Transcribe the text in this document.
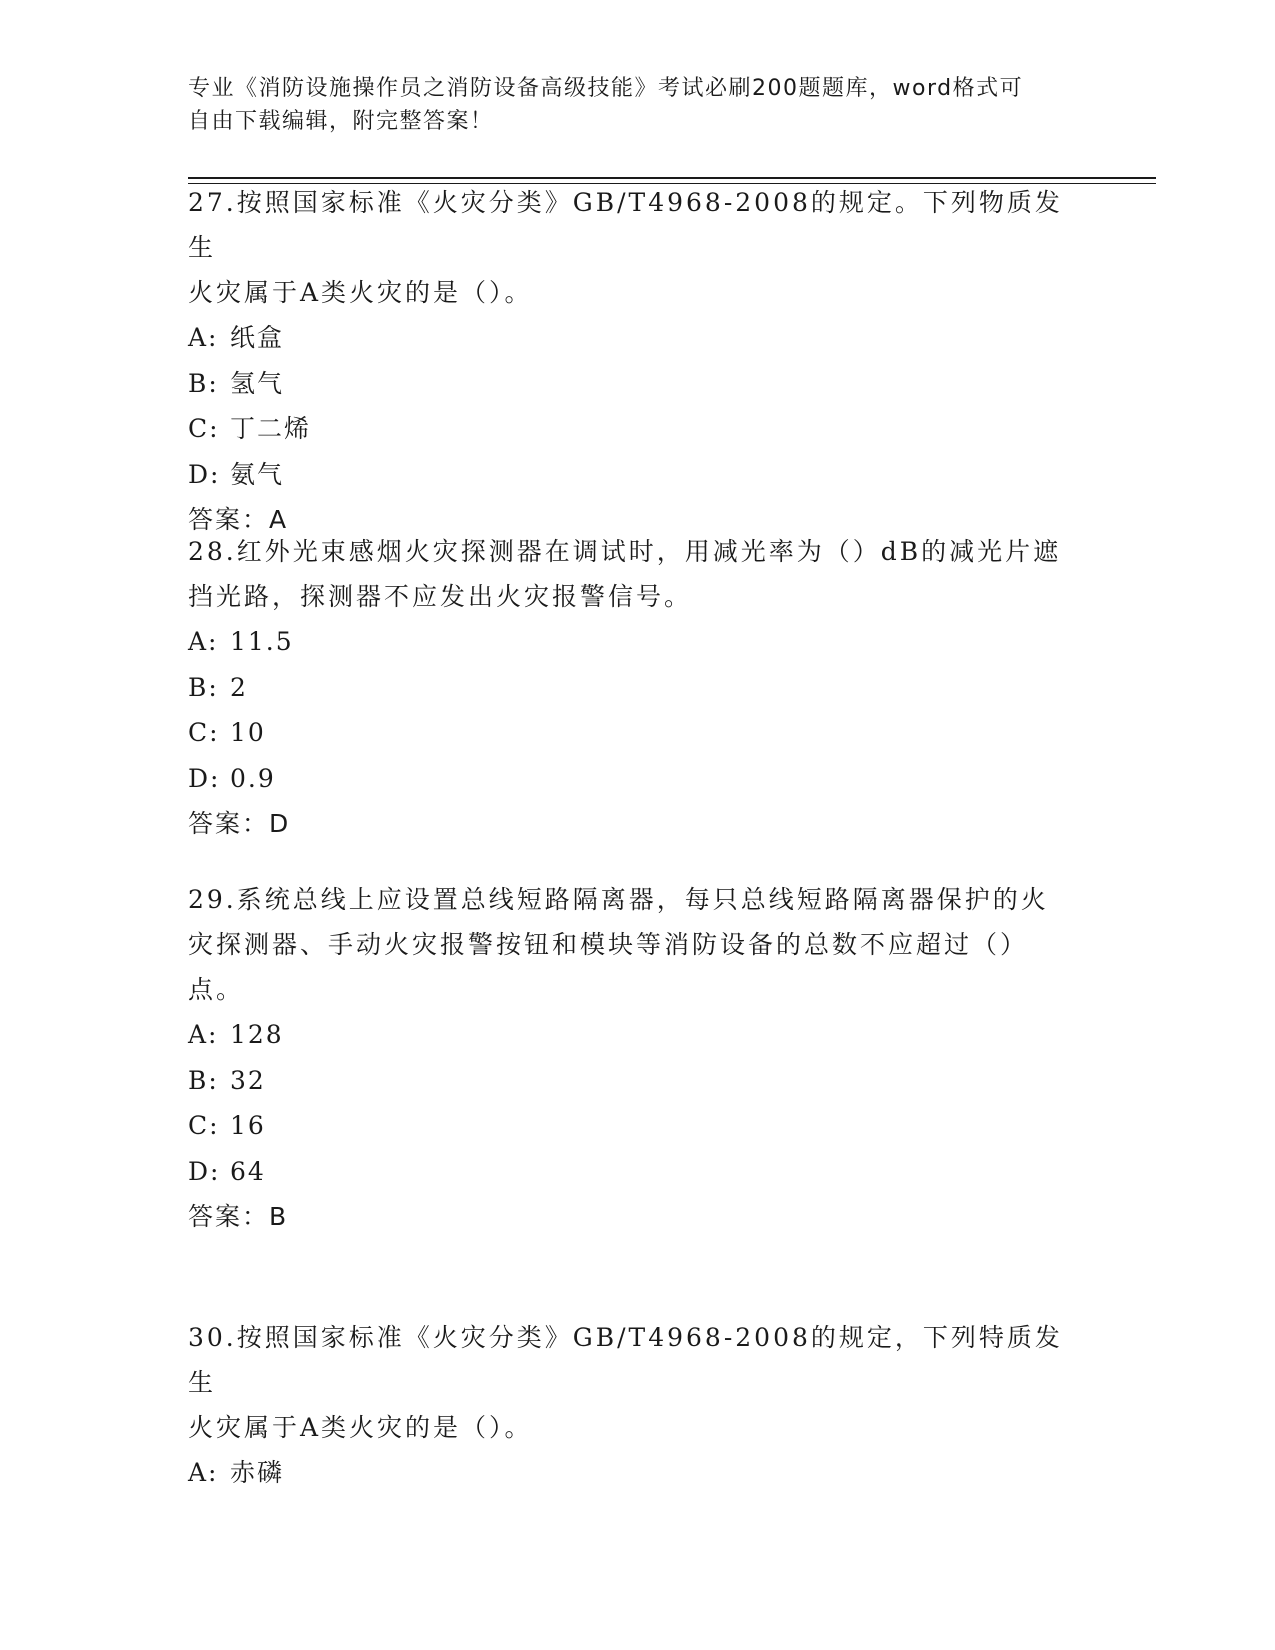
专业《消防设施操作员之消防设备高级技能》考试必刷200题题库，word格式可
自由下载编辑，附完整答案！

27.按照国家标准《火灾分类》GB/T4968-2008的规定。下列物质发生

火灾属于A类火灾的是（）。

A: 纸盒

B: 氢气

C: 丁二烯

D: 氨气

答案：A

28.红外光束感烟火灾探测器在调试时，用减光率为（）dB的减光片遮

挡光路，探测器不应发出火灾报警信号。

A: 11.5

B: 2

C: 10

D: 0.9

答案：D

29.系统总线上应设置总线短路隔离器，每只总线短路隔离器保护的火

灾探测器、手动火灾报警按钮和模块等消防设备的总数不应超过（）

点。

A: 128

B: 32

C: 16

D: 64

答案：B

30.按照国家标准《火灾分类》GB/T4968-2008的规定，下列特质发生

火灾属于A类火灾的是（）。

A: 赤磷
